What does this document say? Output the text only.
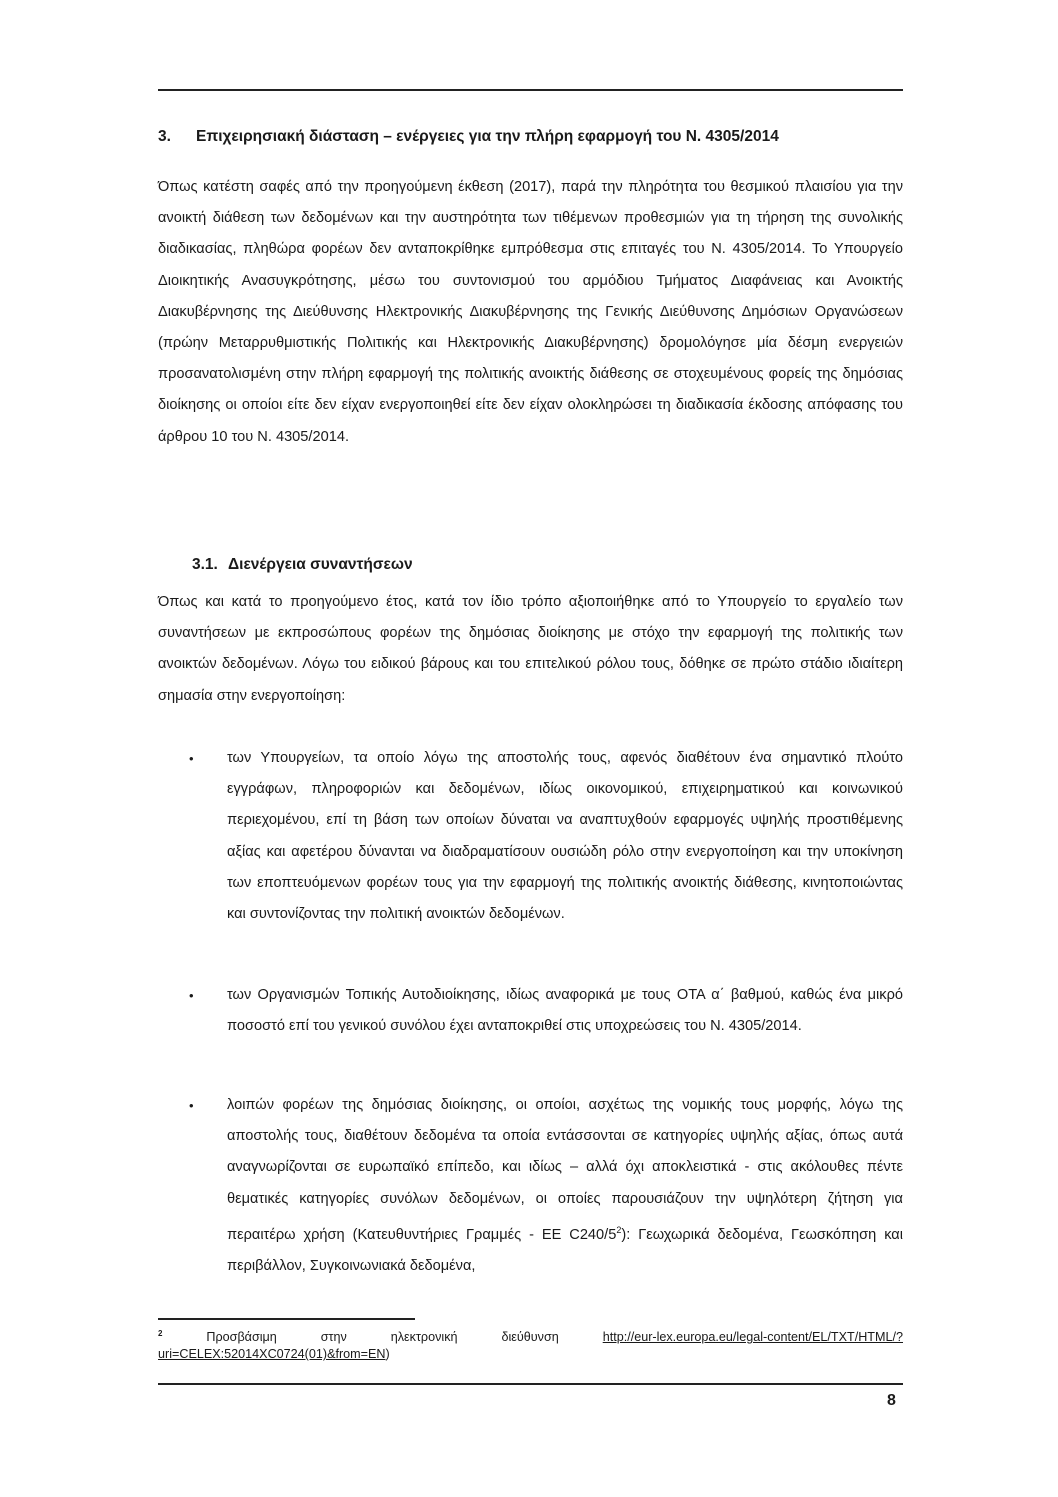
3. Επιχειρησιακή διάσταση – ενέργειες για την πλήρη εφαρμογή του Ν. 4305/2014
Όπως κατέστη σαφές από την προηγούμενη έκθεση (2017), παρά την πληρότητα του θεσμικού πλαισίου για την ανοικτή διάθεση των δεδομένων και την αυστηρότητα των τιθέμενων προθεσμιών για τη τήρηση της συνολικής διαδικασίας, πληθώρα φορέων δεν ανταποκρίθηκε εμπρόθεσμα στις επιταγές του Ν. 4305/2014. Το Υπουργείο Διοικητικής Ανασυγκρότησης, μέσω του συντονισμού του αρμόδιου Τμήματος Διαφάνειας και Ανοικτής Διακυβέρνησης της Διεύθυνσης Ηλεκτρονικής Διακυβέρνησης της Γενικής Διεύθυνσης Δημόσιων Οργανώσεων (πρώην Μεταρρυθμιστικής Πολιτικής και Ηλεκτρονικής Διακυβέρνησης) δρομολόγησε μία δέσμη ενεργειών προσανατολισμένη στην πλήρη εφαρμογή της πολιτικής ανοικτής διάθεσης σε στοχευμένους φορείς της δημόσιας διοίκησης οι οποίοι είτε δεν είχαν ενεργοποιηθεί είτε δεν είχαν ολοκληρώσει τη διαδικασία έκδοσης απόφασης του άρθρου 10 του Ν. 4305/2014.
3.1. Διενέργεια συναντήσεων
Όπως και κατά το προηγούμενο έτος, κατά τον ίδιο τρόπο αξιοποιήθηκε από το Υπουργείο το εργαλείο των συναντήσεων με εκπροσώπους φορέων της δημόσιας διοίκησης με στόχο την εφαρμογή της πολιτικής των ανοικτών δεδομένων. Λόγω του ειδικού βάρους και του επιτελικού ρόλου τους, δόθηκε σε πρώτο στάδιο ιδιαίτερη σημασία στην ενεργοποίηση:
• των Υπουργείων, τα οποίο λόγω της αποστολής τους, αφενός διαθέτουν ένα σημαντικό πλούτο εγγράφων, πληροφοριών και δεδομένων, ιδίως οικονομικού, επιχειρηματικού και κοινωνικού περιεχομένου, επί τη βάση των οποίων δύναται να αναπτυχθούν εφαρμογές υψηλής προστιθέμενης αξίας και αφετέρου δύνανται να διαδραματίσουν ουσιώδη ρόλο στην ενεργοποίηση και την υποκίνηση των εποπτευόμενων φορέων τους για την εφαρμογή της πολιτικής ανοικτής διάθεσης, κινητοποιώντας και συντονίζοντας την πολιτική ανοικτών δεδομένων.
• των Οργανισμών Τοπικής Αυτοδιοίκησης, ιδίως αναφορικά με τους ΟΤΑ α΄ βαθμού, καθώς ένα μικρό ποσοστό επί του γενικού συνόλου έχει ανταποκριθεί στις υποχρεώσεις του Ν. 4305/2014.
• λοιπών φορέων της δημόσιας διοίκησης, οι οποίοι, ασχέτως της νομικής τους μορφής, λόγω της αποστολής τους, διαθέτουν δεδομένα τα οποία εντάσσονται σε κατηγορίες υψηλής αξίας, όπως αυτά αναγνωρίζονται σε ευρωπαϊκό επίπεδο, και ιδίως – αλλά όχι αποκλειστικά - στις ακόλουθες πέντε θεματικές κατηγορίες συνόλων δεδομένων, οι οποίες παρουσιάζουν την υψηλότερη ζήτηση για περαιτέρω χρήση (Κατευθυντήριες Γραμμές - ΕΕ C240/5$^2$): Γεωχωρικά δεδομένα, Γεωσκόπηση και περιβάλλον, Συγκοινωνιακά δεδομένα,
$^2$	Προσβάσιμη στην ηλεκτρονική διεύθυνση http://eur-lex.europa.eu/legal-content/EL/TXT/HTML/?uri=CELEX:52014XC0724(01)&from=EN)
8
